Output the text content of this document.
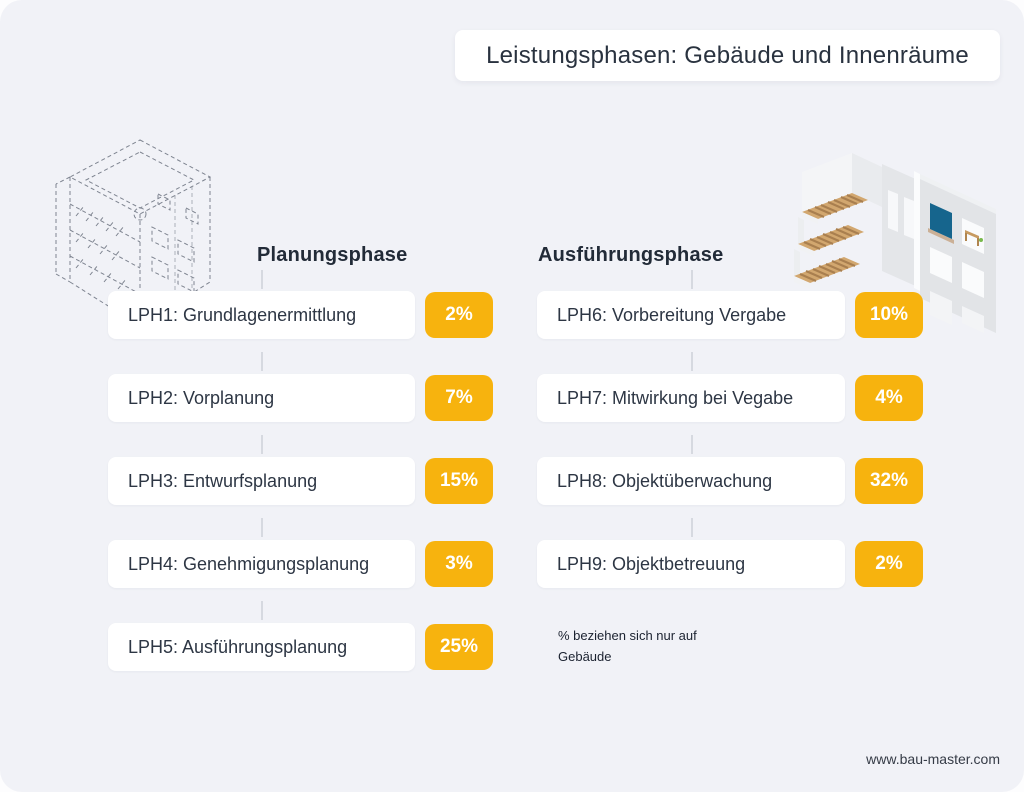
Leistungsphasen: Gebäude und Innenräume
Planungsphase	Ausführungsphase
LPH1: Grundlagenermittlung	2%
LPH2: Vorplanung	7%
LPH3: Entwurfsplanung	15%
LPH4: Genehmigungsplanung	3%
LPH5: Ausführungsplanung	25%
LPH6: Vorbereitung Vergabe	10%
LPH7: Mitwirkung bei Vegabe	4%
LPH8: Objektüberwachung	32%
LPH9: Objektbetreuung	2%
% beziehen sich nur auf
Gebäude
www.bau-master.com
